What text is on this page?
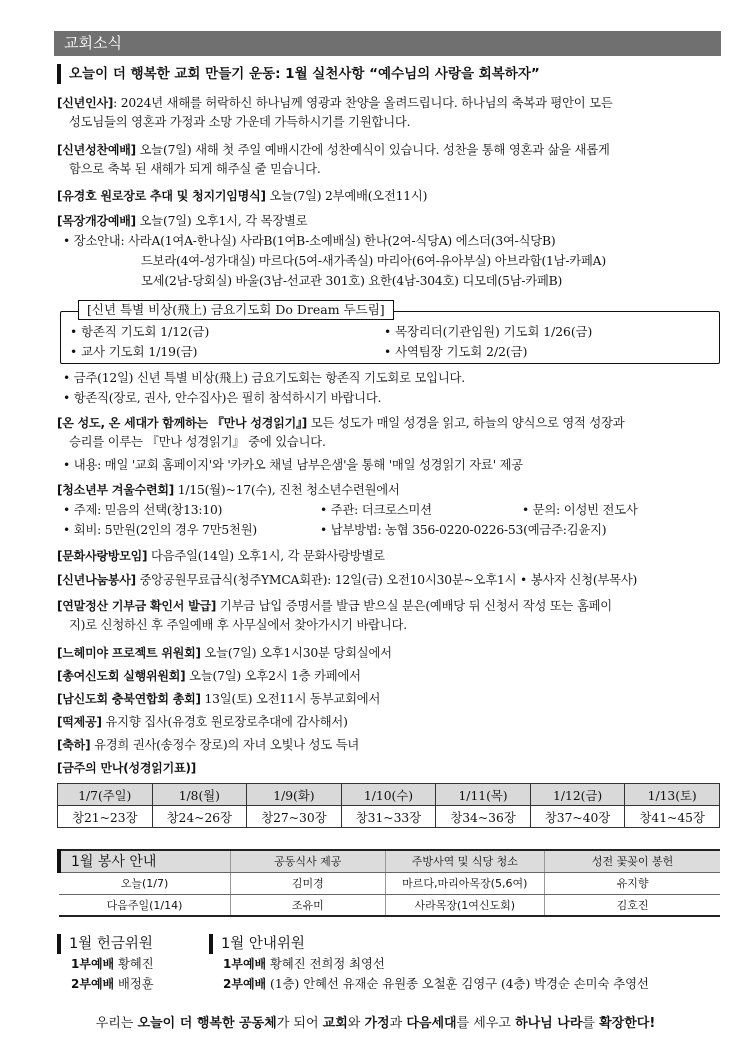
교회소식
오늘이 더 행복한 교회 만들기 운동: 1월 실천사항 “예수님의 사랑을 회복하자”
[신년인사]: 2024년 새해를 허락하신 하나님께 영광과 찬양을 올려드립니다. 하나님의 축복과 평안이 모든
성도님들의 영혼과 가정과 소망 가운데 가득하시기를 기원합니다.
[신년성찬예배] 오늘(7일) 새해 첫 주일 예배시간에 성찬예식이 있습니다. 성찬을 통해 영혼과 삶을 새롭게
함으로 축복 된 새해가 되게 해주실 줄 믿습니다.
[유경호 원로장로 추대 및 청지기임명식] 오늘(7일) 2부예배(오전11시)
[목장개강예배] 오늘(7일) 오후1시, 각 목장별로
• 장소안내: 사라A(1여A-한나실) 사라B(1여B-소예배실) 한나(2여-식당A) 에스더(3여-식당B)
드보라(4여-성가대실) 마르다(5여-새가족실) 마리아(6여-유아부실) 아브라함(1남-카페A)
모세(2남-당회실) 바울(3남-선교관 301호) 요한(4남-304호) 디모데(5남-카페B)
[신년 특별 비상(飛上) 금요기도회 Do Dream 두드림]
• 항존직 기도회 1/12(금)	• 목장리더(기관임원) 기도회 1/26(금)
• 교사 기도회 1/19(금)	• 사역팀장 기도회 2/2(금)
• 금주(12일) 신년 특별 비상(飛上) 금요기도회는 항존직 기도회로 모입니다.
• 항존직(장로, 권사, 안수집사)은 필히 참석하시기 바랍니다.
[온 성도, 온 세대가 함께하는 『만나 성경읽기』] 모든 성도가 매일 성경을 읽고, 하늘의 양식으로 영적 성장과
승리를 이루는 『만나 성경읽기』 중에 있습니다.
• 내용: 매일 '교회 홈페이지'와 '카카오 채널 남부은샘'을 통해 '매일 성경읽기 자료' 제공
[청소년부 겨울수련회] 1/15(월)~17(수), 진천 청소년수련원에서
• 주제: 믿음의 선택(창13:10)	• 주관: 더크로스미션	• 문의: 이성빈 전도사
• 회비: 5만원(2인의 경우 7만5천원)	• 납부방법: 농협 356-0220-0226-53(예금주:김윤지)
[문화사랑방모임] 다음주일(14일) 오후1시, 각 문화사랑방별로
[신년나눔봉사] 중앙공원무료급식(청주YMCA회관): 12일(금) 오전10시30분~오후1시 • 봉사자 신청(부목사)
[연말정산 기부금 확인서 발급] 기부금 납입 증명서를 발급 받으실 분은(예배당 뒤 신청서 작성 또는 홈페이
지)로 신청하신 후 주일예배 후 사무실에서 찾아가시기 바랍니다.
[느헤미야 프로젝트 위원회] 오늘(7일) 오후1시30분 당회실에서
[총여신도회 실행위원회] 오늘(7일) 오후2시 1층 카페에서
[남신도회 충북연합회 총회] 13일(토) 오전11시 동부교회에서
[떡제공] 유지향 집사(유경호 원로장로추대에 감사해서)
[축하] 유경희 권사(송정수 장로)의 자녀 오빛나 성도 득녀
[금주의 만나(성경읽기표)]
1/7(주일)	1/8(월)	1/9(화)	1/10(수)	1/11(목)	1/12(금)	1/13(토)
창21~23장	창24~26장	창27~30장	창31~33장	창34~36장	창37~40장	창41~45장
1월 봉사 안내	공동식사 제공	주방사역 및 식당 청소	성전 꽃꽂이 봉헌
오늘(1/7)	김미경	마르다,마리아목장(5,6여)	유지향
다음주일(1/14)	조유미	사라목장(1여신도회)	김호진
1월 헌금위원
1부예배 황혜진
2부예배 배정훈
1월 안내위원
1부예배 황혜진 전희정 최영선
2부예배 (1층) 안혜선 유재순 유원종 오철훈 김영구 (4층) 박경순 손미숙 추영선
우리는 오늘이 더 행복한 공동체가 되어 교회와 가정과 다음세대를 세우고 하나님 나라를 확장한다!
